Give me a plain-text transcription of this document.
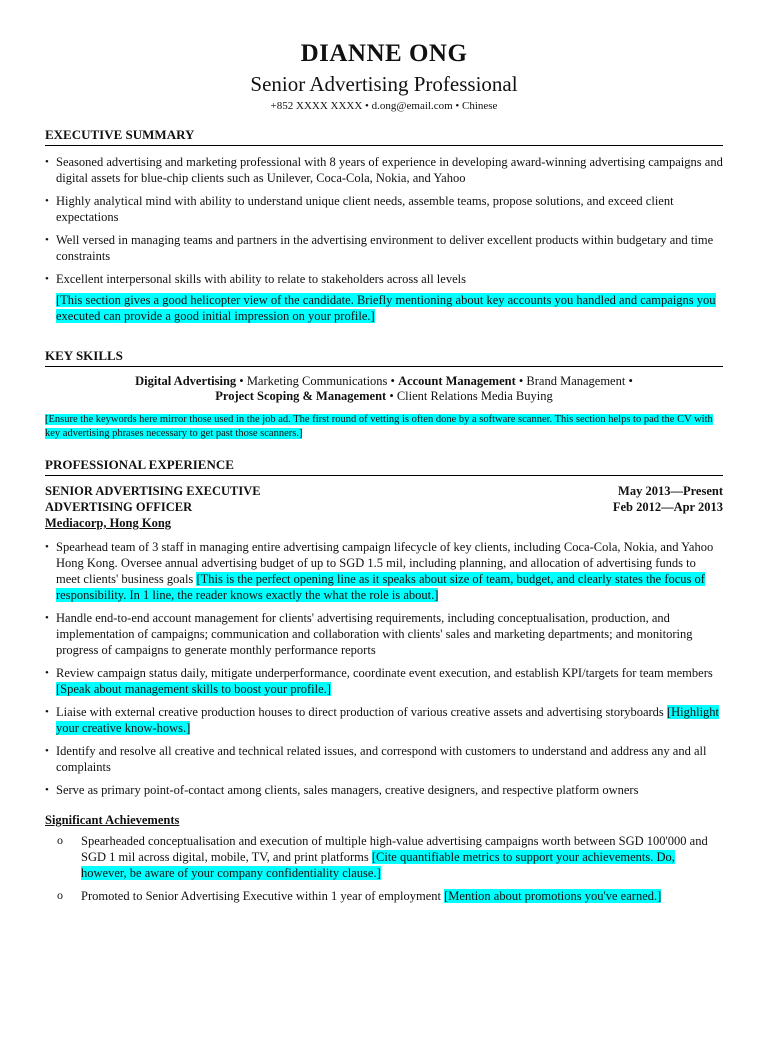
DIANNE ONG
Senior Advertising Professional
+852 XXXX XXXX • d.ong@email.com • Chinese
EXECUTIVE SUMMARY
• Seasoned advertising and marketing professional with 8 years of experience in developing award-winning advertising campaigns and digital assets for blue-chip clients such as Unilever, Coca-Cola, Nokia, and Yahoo
• Highly analytical mind with ability to understand unique client needs, assemble teams, propose solutions, and exceed client expectations
• Well versed in managing teams and partners in the advertising environment to deliver excellent products within budgetary and time constraints
• Excellent interpersonal skills with ability to relate to stakeholders across all levels
[This section gives a good helicopter view of the candidate. Briefly mentioning about key accounts you handled and campaigns you executed can provide a good initial impression on your profile.]
KEY SKILLS
Digital Advertising • Marketing Communications • Account Management • Brand Management •
Project Scoping & Management • Client Relations Media Buying
[Ensure the keywords here mirror those used in the job ad. The first round of vetting is often done by a software scanner. This section helps to pad the CV with key advertising phrases necessary to get past those scanners.]
PROFESSIONAL EXPERIENCE
SENIOR ADVERTISING EXECUTIVE	May 2013—Present
ADVERTISING OFFICER	Feb 2012—Apr 2013
Mediacorp, Hong Kong
• Spearhead team of 3 staff in managing entire advertising campaign lifecycle of key clients, including Coca-Cola, Nokia, and Yahoo Hong Kong. Oversee annual advertising budget of up to SGD 1.5 mil, including planning, and allocation of advertising funds to meet clients' business goals [This is the perfect opening line as it speaks about size of team, budget, and clearly states the focus of responsibility. In 1 line, the reader knows exactly the what the role is about.]
• Handle end-to-end account management for clients' advertising requirements, including conceptualisation, production, and implementation of campaigns; communication and collaboration with clients' sales and marketing departments; and monitoring progress of campaigns to generate monthly performance reports
• Review campaign status daily, mitigate underperformance, coordinate event execution, and establish KPI/targets for team members [Speak about management skills to boost your profile.]
• Liaise with external creative production houses to direct production of various creative assets and advertising storyboards [Highlight your creative know-hows.]
• Identify and resolve all creative and technical related issues, and correspond with customers to understand and address any and all complaints
• Serve as primary point-of-contact among clients, sales managers, creative designers, and respective platform owners
Significant Achievements
o Spearheaded conceptualisation and execution of multiple high-value advertising campaigns worth between SGD 100'000 and SGD 1 mil across digital, mobile, TV, and print platforms [Cite quantifiable metrics to support your achievements. Do, however, be aware of your company confidentiality clause.]
o Promoted to Senior Advertising Executive within 1 year of employment [Mention about promotions you've earned.]
